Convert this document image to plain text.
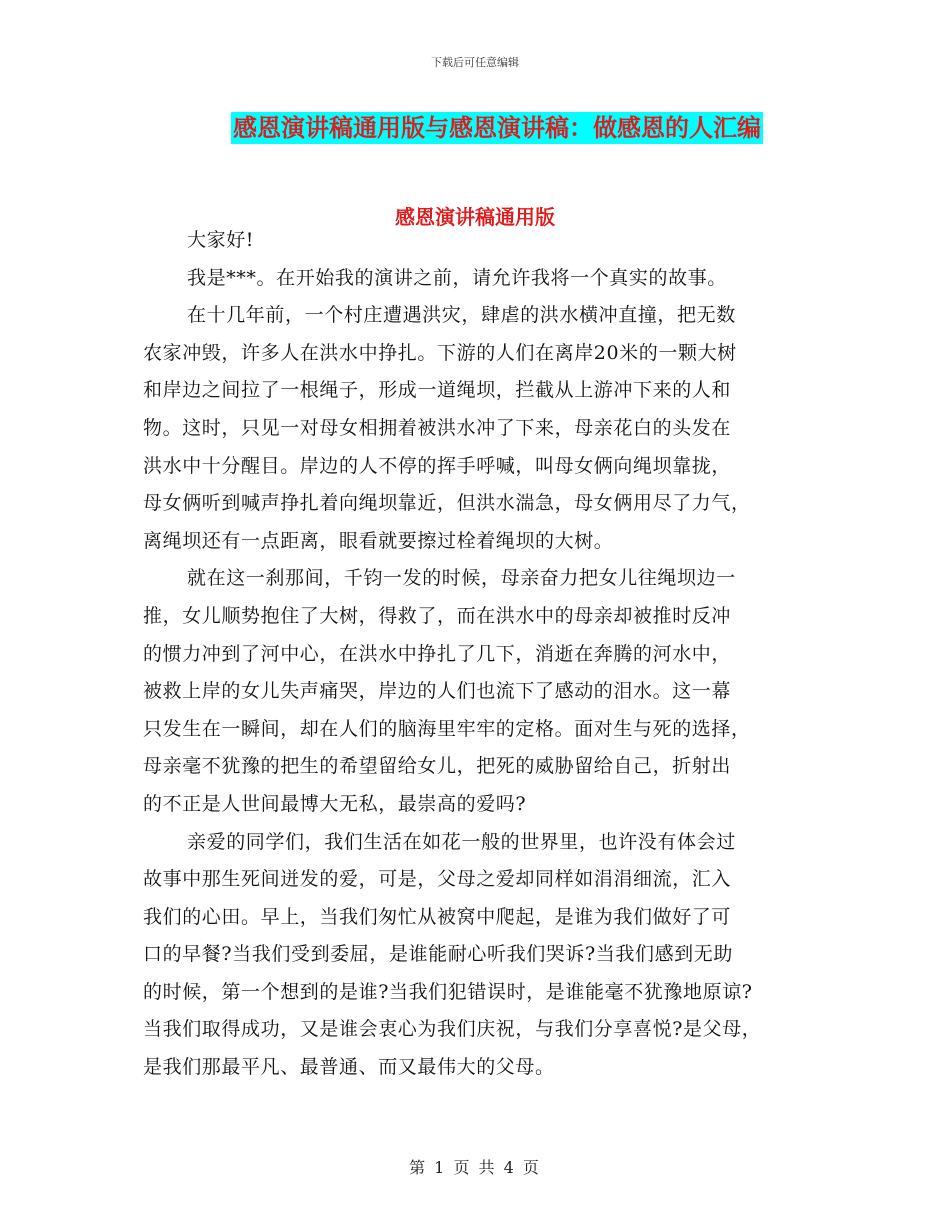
下载后可任意编辑
感恩演讲稿通用版与感恩演讲稿：做感恩的人汇编
感恩演讲稿通用版
大家好!
我是***。在开始我的演讲之前，请允许我将一个真实的故事。
在十几年前，一个村庄遭遇洪灾，肆虐的洪水横冲直撞，把无数
农家冲毁，许多人在洪水中挣扎。下游的人们在离岸20米的一颗大树
和岸边之间拉了一根绳子，形成一道绳坝，拦截从上游冲下来的人和
物。这时，只见一对母女相拥着被洪水冲了下来，母亲花白的头发在
洪水中十分醒目。岸边的人不停的挥手呼喊，叫母女俩向绳坝靠拢，
母女俩听到喊声挣扎着向绳坝靠近，但洪水湍急，母女俩用尽了力气，
离绳坝还有一点距离，眼看就要擦过栓着绳坝的大树。
就在这一刹那间，千钧一发的时候，母亲奋力把女儿往绳坝边一
推，女儿顺势抱住了大树，得救了，而在洪水中的母亲却被推时反冲
的惯力冲到了河中心，在洪水中挣扎了几下，消逝在奔腾的河水中，
被救上岸的女儿失声痛哭，岸边的人们也流下了感动的泪水。这一幕
只发生在一瞬间，却在人们的脑海里牢牢的定格。面对生与死的选择，
母亲毫不犹豫的把生的希望留给女儿，把死的威胁留给自己，折射出
的不正是人世间最博大无私，最崇高的爱吗?
亲爱的同学们，我们生活在如花一般的世界里，也许没有体会过
故事中那生死间迸发的爱，可是，父母之爱却同样如涓涓细流，汇入
我们的心田。早上，当我们匆忙从被窝中爬起，是谁为我们做好了可
口的早餐?当我们受到委屈，是谁能耐心听我们哭诉?当我们感到无助
的时候，第一个想到的是谁?当我们犯错误时，是谁能毫不犹豫地原谅?
当我们取得成功，又是谁会衷心为我们庆祝，与我们分享喜悦?是父母，
是我们那最平凡、最普通、而又最伟大的父母。
第 1 页 共 4 页
